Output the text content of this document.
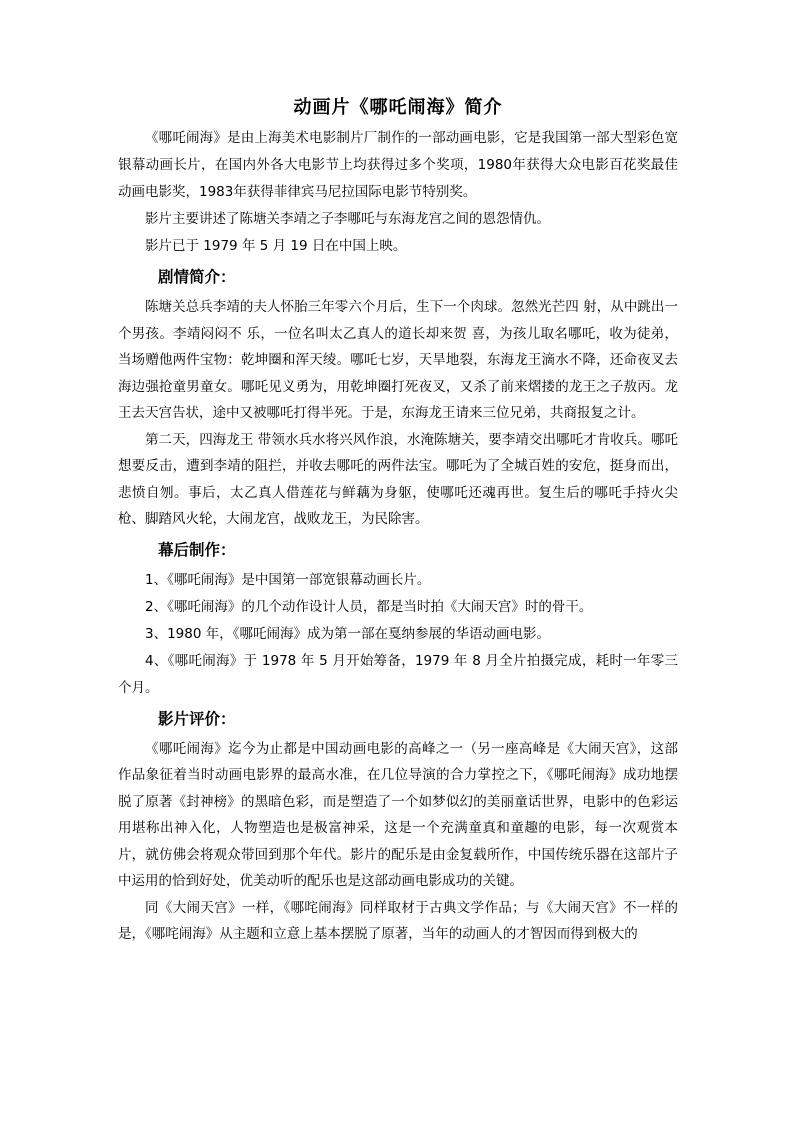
动画片《哪吒闹海》简介

《哪吒闹海》是由上海美术电影制片厂制作的一部动画电影，它是我国第一部大型彩色宽银幕动画长片，在国内外各大电影节上均获得过多个奖项，1980年获得大众电影百花奖最佳动画电影奖，1983年获得菲律宾马尼拉国际电影节特别奖。

影片主要讲述了陈塘关李靖之子李哪吒与东海龙宫之间的恩怨情仇。

影片已于 1979 年 5 月 19 日在中国上映。

剧情简介：

陈塘关总兵李靖的夫人怀胎三年零六个月后，生下一个肉球。忽然光芒四 射，从中跳出一个男孩。李靖闷闷不 乐，一位名叫太乙真人的道长却来贺 喜，为孩儿取名哪吒，收为徒弟，当场赠他两件宝物：乾坤圈和浑天绫。哪吒七岁，天旱地裂，东海龙王滴水不降，还命夜叉去海边强抢童男童女。哪吒见义勇为，用乾坤圈打死夜叉，又杀了前来熠搂的龙王之子敖丙。龙王去天宫告状，途中又被哪吒打得半死。于是，东海龙王请来三位兄弟，共商报复之计。

第二天，四海龙王 带领水兵水将兴风作浪，水淹陈塘关，要李靖交出哪吒才肯收兵。哪吒想要反击，遭到李靖的阻拦，并收去哪吒的两件法宝。哪吒为了全城百姓的安危，挺身而出，悲愤自刎。事后，太乙真人借莲花与鲜藕为身躯，使哪吒还魂再世。复生后的哪吒手持火尖枪、脚踏风火轮，大闹龙宫，战败龙王，为民除害。

幕后制作：

1、《哪吒闹海》是中国第一部宽银幕动画长片。

2、《哪吒闹海》的几个动作设计人员，都是当时拍《大闹天宫》时的骨干。

3、1980 年，《哪吒闹海》成为第一部在戛纳参展的华语动画电影。

4、《哪吒闹海》于 1978 年 5 月开始筹备，1979 年 8 月全片拍摄完成，耗时一年零三个月。

影片评价：

《哪吒闹海》迄今为止都是中国动画电影的高峰之一（另一座高峰是《大闹天宫》，这部作品象征着当时动画电影界的最高水准，在几位导演的合力掌控之下，《哪吒闹海》成功地摆脱了原著《封神榜》的黑暗色彩，而是塑造了一个如梦似幻的美丽童话世界，电影中的色彩运用堪称出神入化，人物塑造也是极富神采，这是一个充满童真和童趣的电影，每一次观赏本片，就仿佛会将观众带回到那个年代。影片的配乐是由金复载所作，中国传统乐器在这部片子中运用的恰到好处，优美动听的配乐也是这部动画电影成功的关键。

同《大闹天宫》一样，《哪咤闹海》同样取材于古典文学作品；与《大闹天宫》不一样的是，《哪咤闹海》从主题和立意上基本摆脱了原著，当年的动画人的才智因而得到极大的
